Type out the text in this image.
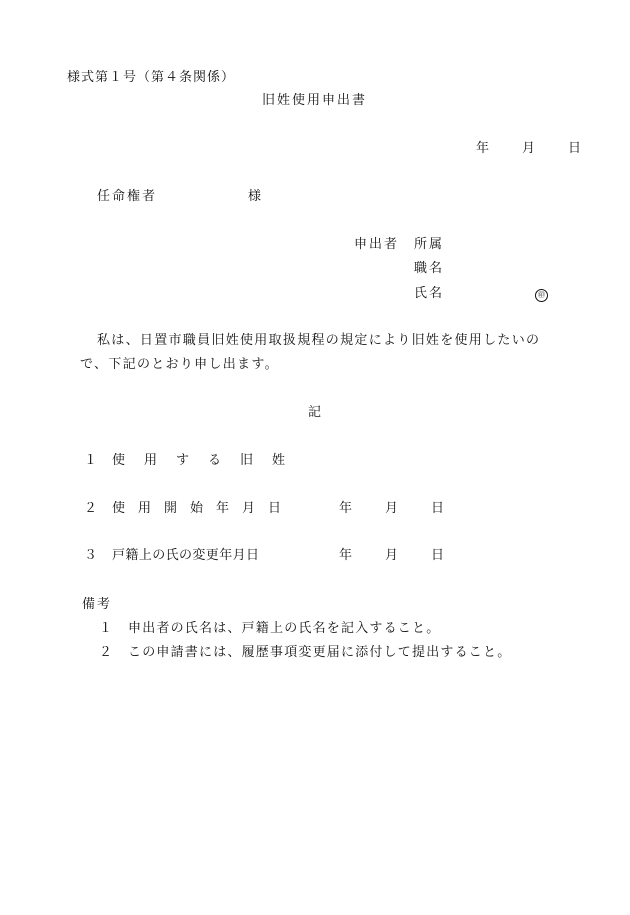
様式第１号（第４条関係）
旧姓使用申出書
年　月　日
任命権者	様
申出者 所属
職名
氏名	㊞
私は、日置市職員旧姓使用取扱規程の規定により旧姓を使用したいの
で、下記のとおり申し出ます。
記
１ 使　用　す　る　旧　姓
２ 使　用　開　始　年　月　日	年　月　日
３ 戸籍上の氏の変更年月日	年　月　日
備考
１ 申出者の氏名は、戸籍上の氏名を記入すること。
２ この申請書には、履歴事項変更届に添付して提出すること。
